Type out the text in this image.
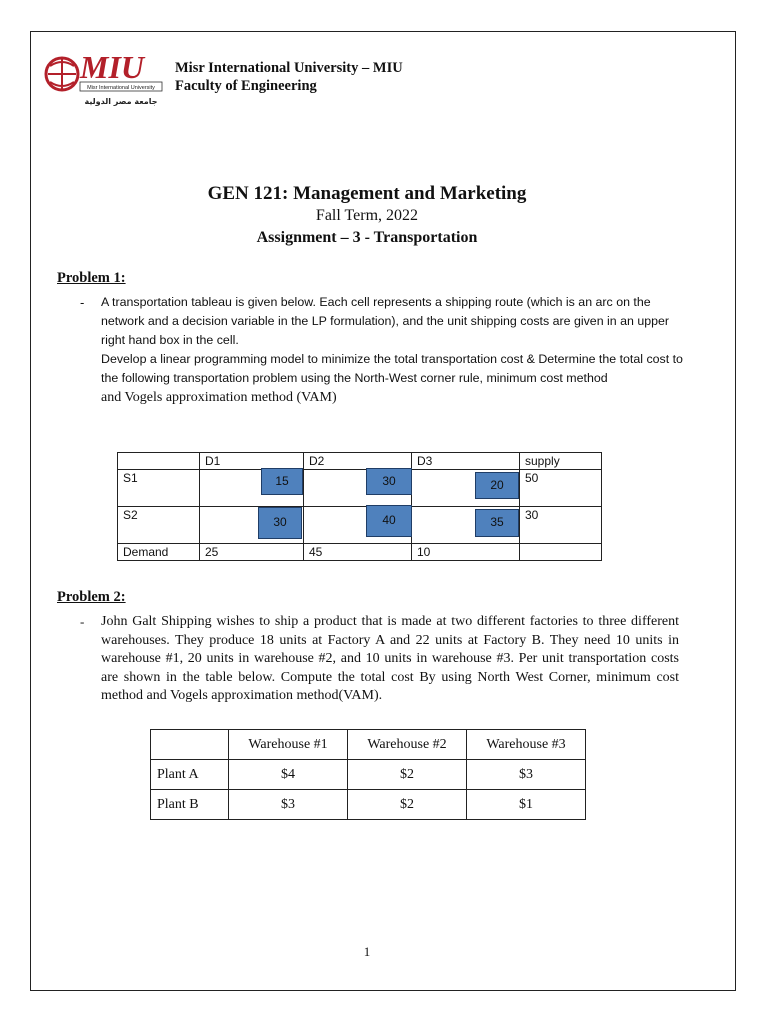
MIU
Misr International University
جامعة مصر الدولية
Misr International University – MIU
Faculty of Engineering
GEN 121: Management and Marketing
Fall Term, 2022
Assignment – 3 - Transportation
Problem 1:
- A transportation tableau is given below. Each cell represents a shipping route (which is an arc on the network and a decision variable in the LP formulation), and the unit shipping costs are given in an upper right hand box in the cell.
Develop a linear programming model to minimize the total transportation cost & Determine the total cost to the following transportation problem using the North-West corner rule, minimum cost method
and Vogels approximation method (VAM)
	D1	D2	D3	supply
S1	15	30	20	50
S2	30	40	35	30
Demand	25	45	10	
Problem 2:
- John Galt Shipping wishes to ship a product that is made at two different factories to three different warehouses. They produce 18 units at Factory A and 22 units at Factory B. They need 10 units in warehouse #1, 20 units in warehouse #2, and 10 units in warehouse #3. Per unit transportation costs are shown in the table below. Compute the total cost By using North West Corner, minimum cost method and Vogels approximation method(VAM).
	Warehouse #1	Warehouse #2	Warehouse #3
Plant A	$4	$2	$3
Plant B	$3	$2	$1
1
